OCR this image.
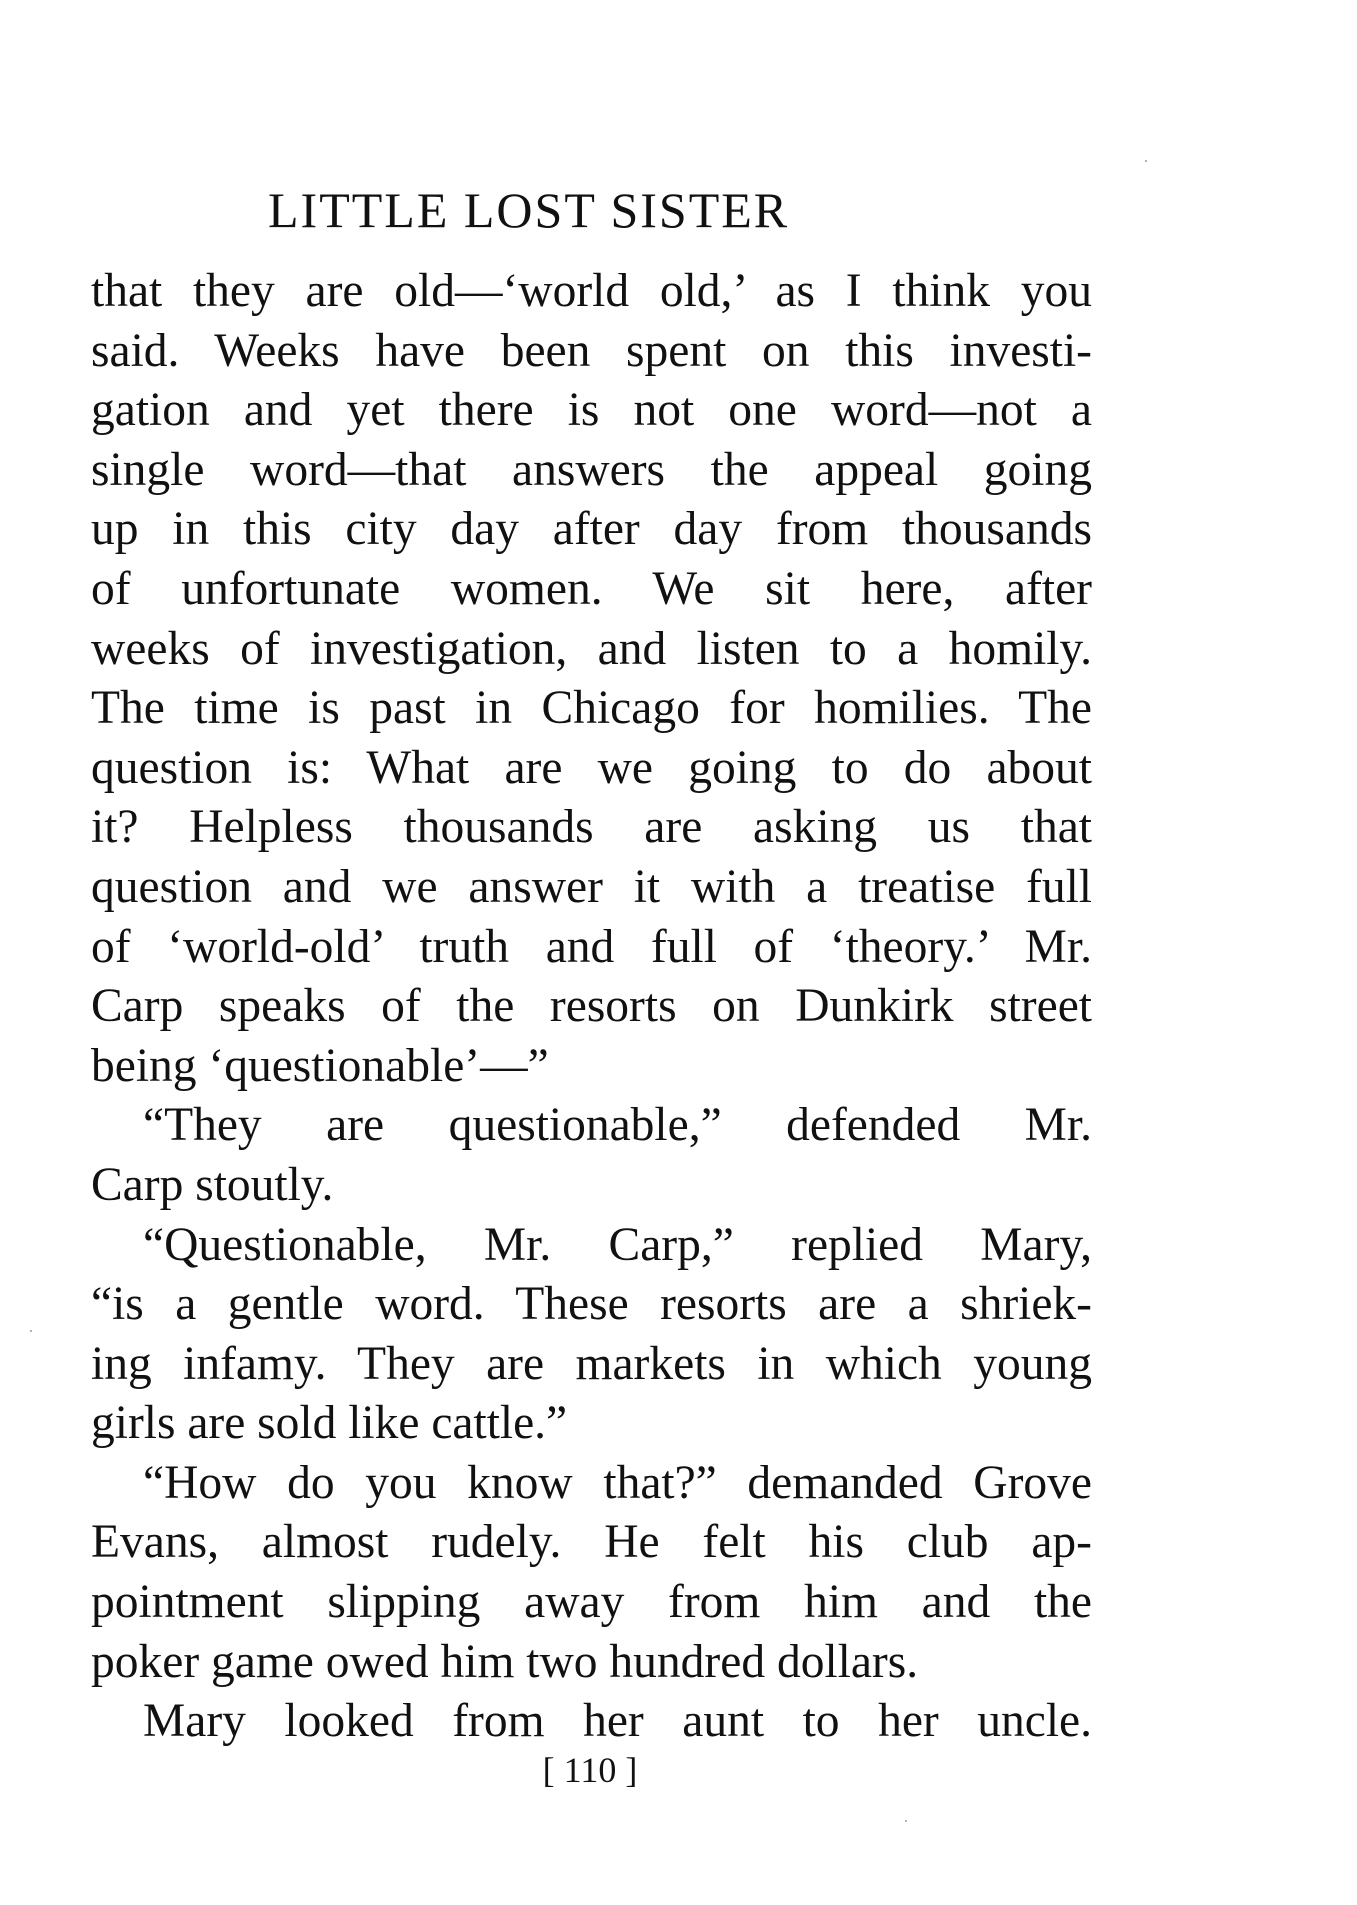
LITTLE LOST SISTER
that they are old—‘world old,’ as I think you
said. Weeks have been spent on this investi-
gation and yet there is not one word—not a
single word—that answers the appeal going
up in this city day after day from thousands
of unfortunate women. We sit here, after
weeks of investigation, and listen to a homily.
The time is past in Chicago for homilies. The
question is: What are we going to do about
it? Helpless thousands are asking us that
question and we answer it with a treatise full
of ‘world-old’ truth and full of ‘theory.’ Mr.
Carp speaks of the resorts on Dunkirk street
being ‘questionable’—”
“They are questionable,” defended Mr.
Carp stoutly.
“Questionable, Mr. Carp,” replied Mary,
“is a gentle word. These resorts are a shriek-
ing infamy. They are markets in which young
girls are sold like cattle.”
“How do you know that?” demanded Grove
Evans, almost rudely. He felt his club ap-
pointment slipping away from him and the
poker game owed him two hundred dollars.
Mary looked from her aunt to her uncle.
[ 110 ]
